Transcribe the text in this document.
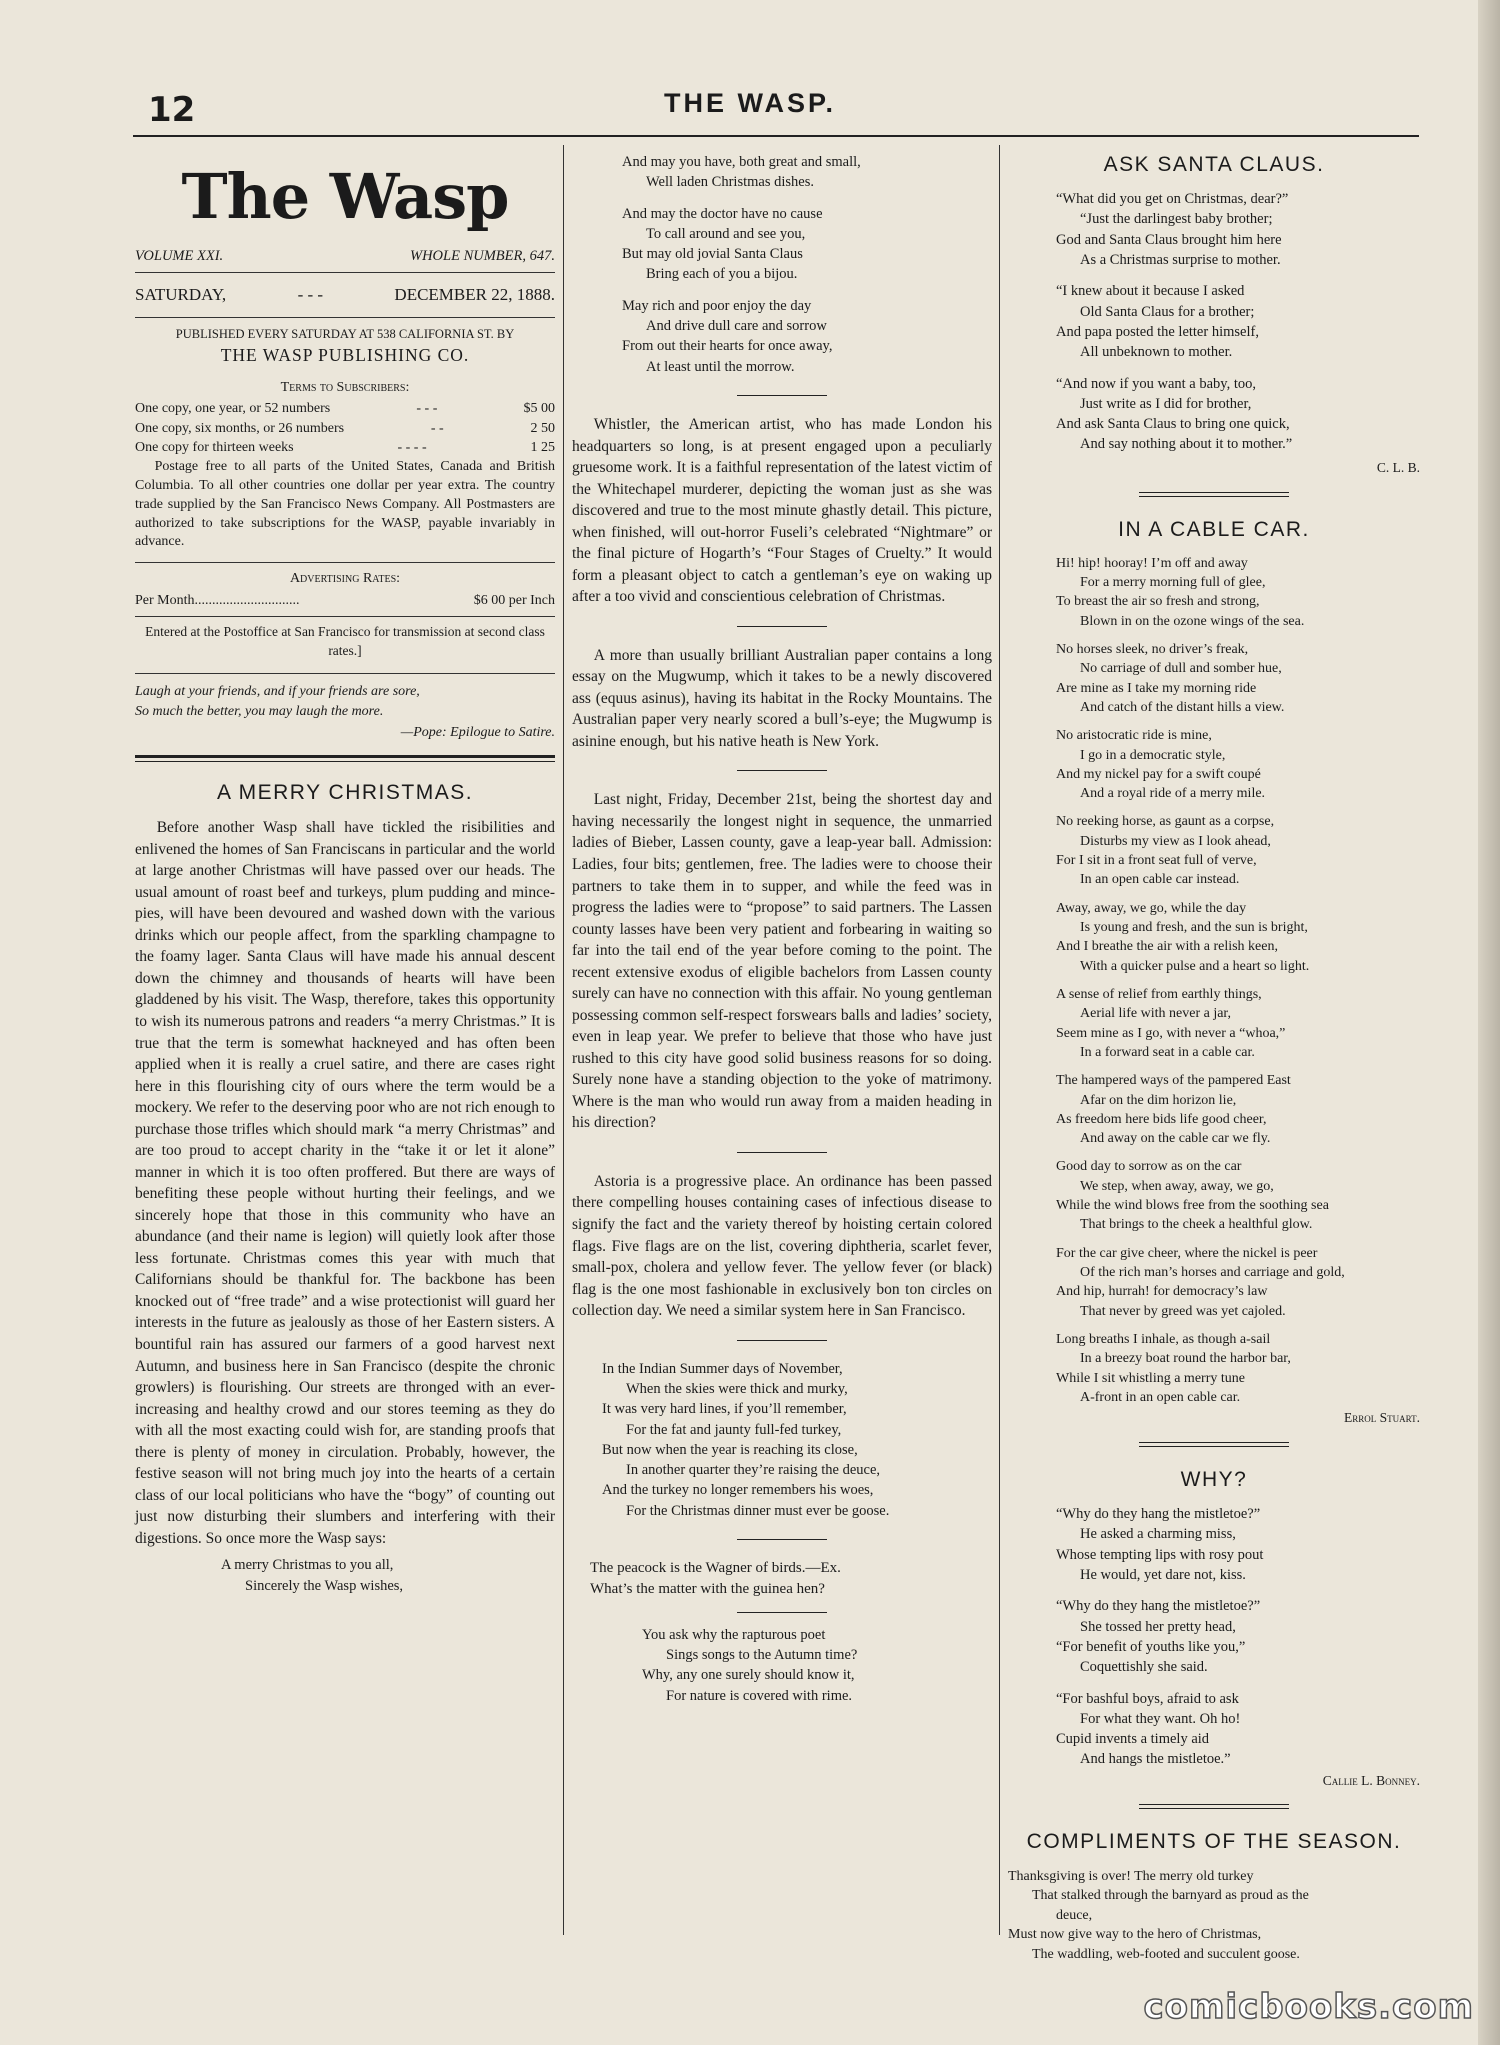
12	THE WASP.
The Wasp
VOLUME XXI.	WHOLE NUMBER, 647.
SATURDAY,	- - -	DECEMBER 22, 1888.
PUBLISHED EVERY SATURDAY AT 538 CALIFORNIA ST. BY
THE WASP PUBLISHING CO.
Terms to Subscribers:
One copy, one year, or 52 numbers	- - -	$5 00
One copy, six months, or 26 numbers	- -	2 50
One copy for thirteen weeks	- - - -	1 25

Postage free to all parts of the United States, Canada and British Columbia. To all other countries one dollar per year extra. The country trade supplied by the San Francisco News Company. All Postmasters are authorized to take subscriptions for the WASP, payable invariably in advance.

Advertising Rates:
Per Month..............................	$6 00 per Inch
Entered at the Postoffice at San Francisco for transmission at second class rates.]
Laugh at your friends, and if your friends are sore,
So much the better, you may laugh the more.
—Pope: Epilogue to Satire.
A MERRY CHRISTMAS.

Before another Wasp shall have tickled the risibilities and enlivened the homes of San Franciscans in particular and the world at large another Christmas will have passed over our heads. The usual amount of roast beef and turkeys, plum pudding and mince-pies, will have been devoured and washed down with the various drinks which our people affect, from the sparkling champagne to the foamy lager. Santa Claus will have made his annual descent down the chimney and thousands of hearts will have been gladdened by his visit. The Wasp, therefore, takes this opportunity to wish its numerous patrons and readers “a merry Christmas.” It is true that the term is somewhat hackneyed and has often been applied when it is really a cruel satire, and there are cases right here in this flourishing city of ours where the term would be a mockery. We refer to the deserving poor who are not rich enough to purchase those trifles which should mark “a merry Christmas” and are too proud to accept charity in the “take it or let it alone” manner in which it is too often proffered. But there are ways of benefiting these people without hurting their feelings, and we sincerely hope that those in this community who have an abundance (and their name is legion) will quietly look after those less fortunate. Christmas comes this year with much that Californians should be thankful for. The backbone has been knocked out of “free trade” and a wise protectionist will guard her interests in the future as jealously as those of her Eastern sisters. A bountiful rain has assured our farmers of a good harvest next Autumn, and business here in San Francisco (despite the chronic growlers) is flourishing. Our streets are thronged with an ever-increasing and healthy crowd and our stores teeming as they do with all the most exacting could wish for, are standing proofs that there is plenty of money in circulation. Probably, however, the festive season will not bring much joy into the hearts of a certain class of our local politicians who have the “bogy” of counting out just now disturbing their slumbers and interfering with their digestions. So once more the Wasp says:

A merry Christmas to you all,
Sincerely the Wasp wishes,
And may you have, both great and small,
Well laden Christmas dishes.
And may the doctor have no cause
To call around and see you,
But may old jovial Santa Claus
Bring each of you a bijou.
May rich and poor enjoy the day
And drive dull care and sorrow
From out their hearts for once away,
At least until the morrow.

Whistler, the American artist, who has made London his headquarters so long, is at present engaged upon a peculiarly gruesome work. It is a faithful representation of the latest victim of the Whitechapel murderer, depicting the woman just as she was discovered and true to the most minute ghastly detail. This picture, when finished, will out-horror Fuseli’s celebrated “Nightmare” or the final picture of Hogarth’s “Four Stages of Cruelty.” It would form a pleasant object to catch a gentleman’s eye on waking up after a too vivid and conscientious celebration of Christmas.

A more than usually brilliant Australian paper contains a long essay on the Mugwump, which it takes to be a newly discovered ass (equus asinus), having its habitat in the Rocky Mountains. The Australian paper very nearly scored a bull’s-eye; the Mugwump is asinine enough, but his native heath is New York.

Last night, Friday, December 21st, being the shortest day and having necessarily the longest night in sequence, the unmarried ladies of Bieber, Lassen county, gave a leap-year ball. Admission: Ladies, four bits; gentlemen, free. The ladies were to choose their partners to take them in to supper, and while the feed was in progress the ladies were to “propose” to said partners. The Lassen county lasses have been very patient and forbearing in waiting so far into the tail end of the year before coming to the point. The recent extensive exodus of eligible bachelors from Lassen county surely can have no connection with this affair. No young gentleman possessing common self-respect forswears balls and ladies’ society, even in leap year. We prefer to believe that those who have just rushed to this city have good solid business reasons for so doing. Surely none have a standing objection to the yoke of matrimony. Where is the man who would run away from a maiden heading in his direction?

Astoria is a progressive place. An ordinance has been passed there compelling houses containing cases of infectious disease to signify the fact and the variety thereof by hoisting certain colored flags. Five flags are on the list, covering diphtheria, scarlet fever, small-pox, cholera and yellow fever. The yellow fever (or black) flag is the one most fashionable in exclusively bon ton circles on collection day. We need a similar system here in San Francisco.

In the Indian Summer days of November,
When the skies were thick and murky,
It was very hard lines, if you’ll remember,
For the fat and jaunty full-fed turkey,
But now when the year is reaching its close,
In another quarter they’re raising the deuce,
And the turkey no longer remembers his woes,
For the Christmas dinner must ever be goose.
The peacock is the Wagner of birds.—Ex.
What’s the matter with the guinea hen?
You ask why the rapturous poet
Sings songs to the Autumn time?
Why, any one surely should know it,
For nature is covered with rime.
ASK SANTA CLAUS.
“What did you get on Christmas, dear?”
“Just the darlingest baby brother;
God and Santa Claus brought him here
As a Christmas surprise to mother.
“I knew about it because I asked
Old Santa Claus for a brother;
And papa posted the letter himself,
All unbeknown to mother.
“And now if you want a baby, too,
Just write as I did for brother,
And ask Santa Claus to bring one quick,
And say nothing about it to mother.”
C. L. B.
IN A CABLE CAR.
Hi! hip! hooray! I’m off and away
For a merry morning full of glee,
To breast the air so fresh and strong,
Blown in on the ozone wings of the sea.
No horses sleek, no driver’s freak,
No carriage of dull and somber hue,
Are mine as I take my morning ride
And catch of the distant hills a view.
No aristocratic ride is mine,
I go in a democratic style,
And my nickel pay for a swift coupé
And a royal ride of a merry mile.
No reeking horse, as gaunt as a corpse,
Disturbs my view as I look ahead,
For I sit in a front seat full of verve,
In an open cable car instead.
Away, away, we go, while the day
Is young and fresh, and the sun is bright,
And I breathe the air with a relish keen,
With a quicker pulse and a heart so light.
A sense of relief from earthly things,
Aerial life with never a jar,
Seem mine as I go, with never a “whoa,”
In a forward seat in a cable car.
The hampered ways of the pampered East
Afar on the dim horizon lie,
As freedom here bids life good cheer,
And away on the cable car we fly.
Good day to sorrow as on the car
We step, when away, away, we go,
While the wind blows free from the soothing sea
That brings to the cheek a healthful glow.
For the car give cheer, where the nickel is peer
Of the rich man’s horses and carriage and gold,
And hip, hurrah! for democracy’s law
That never by greed was yet cajoled.
Long breaths I inhale, as though a-sail
In a breezy boat round the harbor bar,
While I sit whistling a merry tune
A-front in an open cable car.
Errol Stuart.
WHY?
“Why do they hang the mistletoe?”
He asked a charming miss,
Whose tempting lips with rosy pout
He would, yet dare not, kiss.
“Why do they hang the mistletoe?”
She tossed her pretty head,
“For benefit of youths like you,”
Coquettishly she said.
“For bashful boys, afraid to ask
For what they want. Oh ho!
Cupid invents a timely aid
And hangs the mistletoe.”
Callie L. Bonney.
COMPLIMENTS OF THE SEASON.
Thanksgiving is over! The merry old turkey
That stalked through the barnyard as proud as the
deuce,
Must now give way to the hero of Christmas,
The waddling, web-footed and succulent goose.
comicbooks.com
